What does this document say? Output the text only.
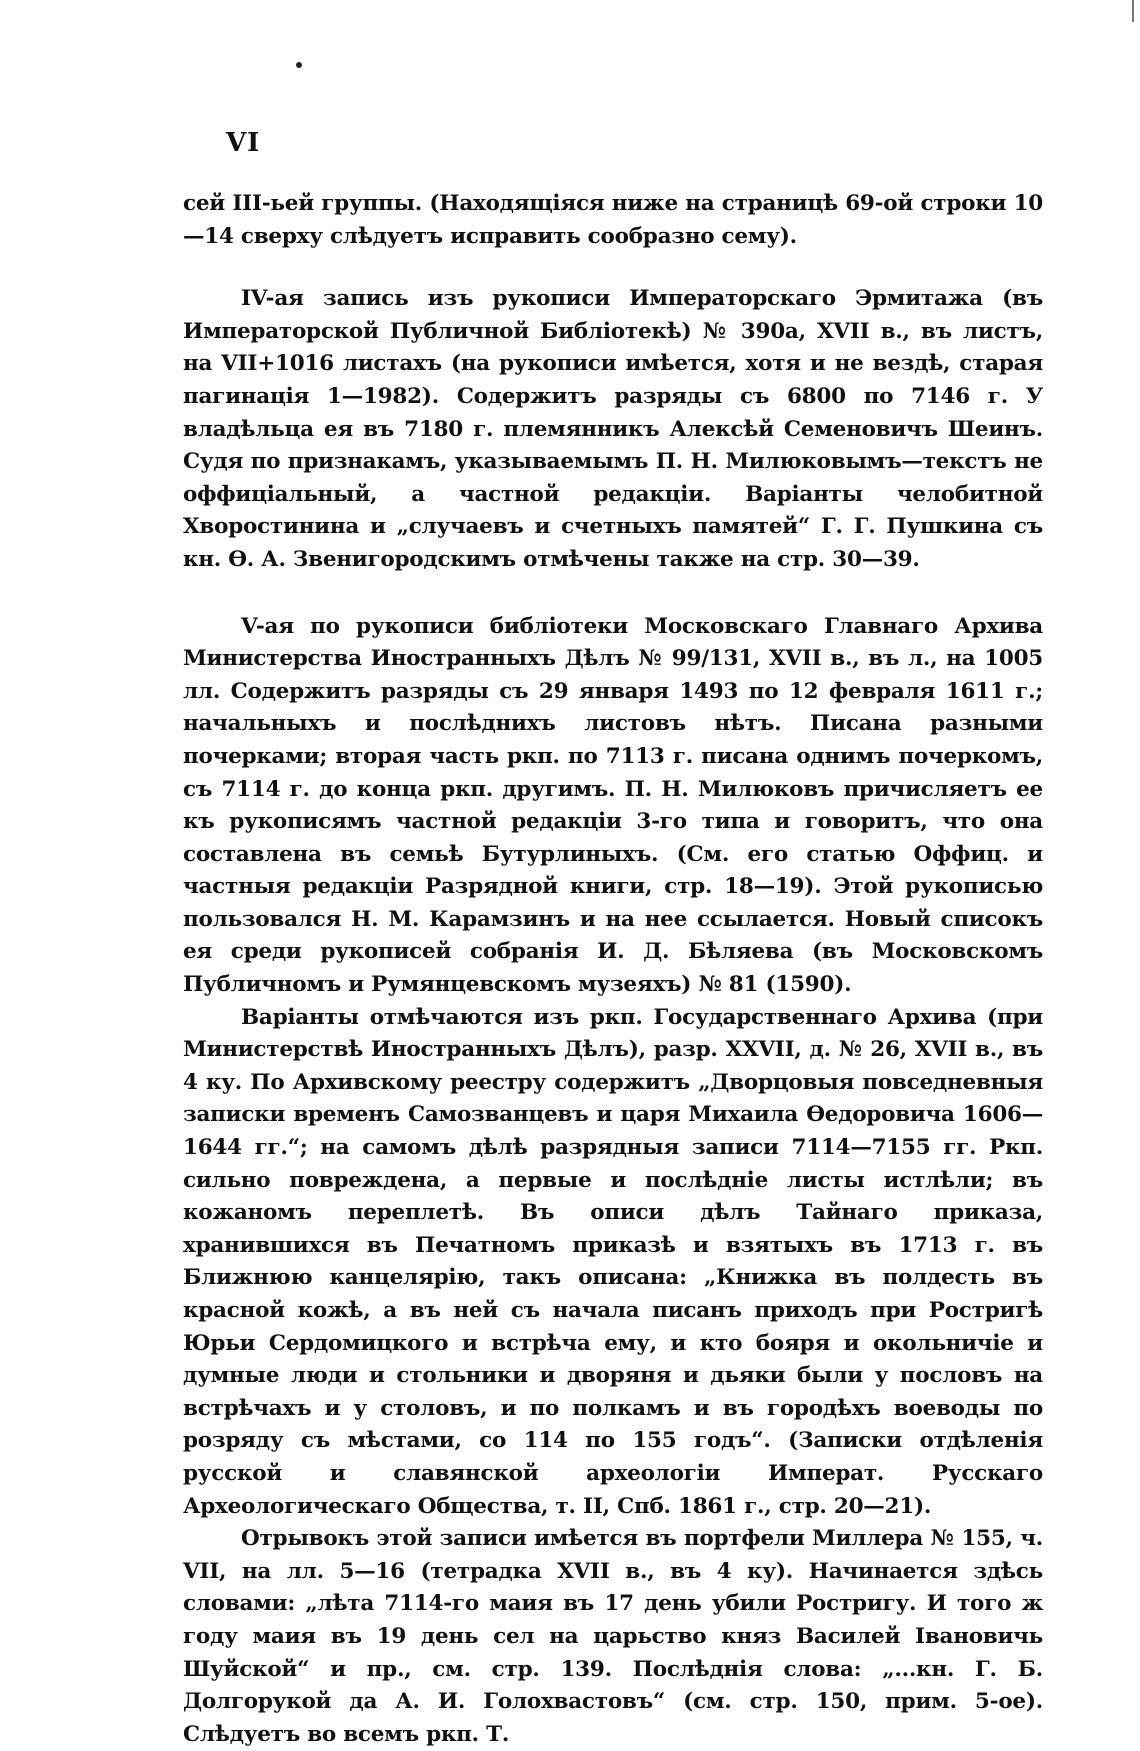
VI

сей III-ьей группы. (Находящіяся ниже на страницѣ 69-ой строки 10—14 сверху слѣдуетъ исправить сообразно сему).

IV-ая запись изъ рукописи Императорскаго Эрмитажа (въ Императорской Публичной Библіотекѣ) № 390а, XVII в., въ листъ, на VII+1016 листахъ (на рукописи имѣется, хотя и не вездѣ, старая пагинація 1—1982). Содержитъ разряды съ 6800 по 7146 г. У владѣльца ея въ 7180 г. племянникъ Алексѣй Семеновичъ Шеинъ. Судя по признакамъ, указываемымъ П. Н. Милюковымъ—текстъ не оффиціальный, а частной редакціи. Варіанты челобитной Хворостинина и „случаевъ и счетныхъ памятей“ Г. Г. Пушкина съ кн. Ѳ. А. Звенигородскимъ отмѣчены также на стр. 30—39.

V-ая по рукописи библіотеки Московскаго Главнаго Архива Министерства Иностранныхъ Дѣлъ № 99/131, XVII в., въ л., на 1005 лл. Содержитъ разряды съ 29 января 1493 по 12 февраля 1611 г.; начальныхъ и послѣднихъ листовъ нѣтъ. Писана разными почерками; вторая часть ркп. по 7113 г. писана однимъ почеркомъ, съ 7114 г. до конца ркп. другимъ. П. Н. Милюковъ причисляетъ ее къ рукописямъ частной редакціи 3-го типа и говоритъ, что она составлена въ семьѣ Бутурлиныхъ. (См. его статью Оффиц. и частныя редакціи Разрядной книги, стр. 18—19). Этой рукописью пользовался Н. М. Карамзинъ и на нее ссылается. Новый списокъ ея среди рукописей собранія И. Д. Бѣляева (въ Московскомъ Публичномъ и Румянцевскомъ музеяхъ) № 81 (1590).

Варіанты отмѣчаются изъ ркп. Государственнаго Архива (при Министерствѣ Иностранныхъ Дѣлъ), разр. XXVII, д. № 26, XVII в., въ 4 ку. По Архивскому реестру содержитъ „Дворцовыя повседневныя записки временъ Самозванцевъ и царя Михаила Ѳедоровича 1606—1644 гг.“; на самомъ дѣлѣ разрядныя записи 7114—7155 гг. Ркп. сильно повреждена, а первые и послѣдніе листы истлѣли; въ кожаномъ переплетѣ. Въ описи дѣлъ Тайнаго приказа, хранившихся въ Печатномъ приказѣ и взятыхъ въ 1713 г. въ Ближнюю канцелярію, такъ описана: „Книжка въ полдесть въ красной кожѣ, а въ ней съ начала писанъ приходъ при Ростригѣ Юрьи Сердомицкого и встрѣча ему, и кто бояря и окольничіе и думные люди и стольники и дворяня и дьяки были у пословъ на встрѣчахъ и у столовъ, и по полкамъ и въ городѣхъ воеводы по розряду съ мѣстами, со 114 по 155 годъ“. (Записки отдѣленія русской и славянской археологіи Императ. Русскаго Археологическаго Общества, т. II, Спб. 1861 г., стр. 20—21).

Отрывокъ этой записи имѣется въ портфели Миллера № 155, ч. VII, на лл. 5—16 (тетрадка XVII в., въ 4 ку). Начинается здѣсь словами: „лѣта 7114-го маия въ 17 день убили Ростригу. И того ж году маия въ 19 день сел на царьство княз Василей Івановичь Шуйской“ и пр., см. стр. 139. Послѣднія слова: „...кн. Г. Б. Долгорукой да А. И. Голохвастовъ“ (см. стр. 150, прим. 5-ое). Слѣдуетъ во всемъ ркп. Т.
